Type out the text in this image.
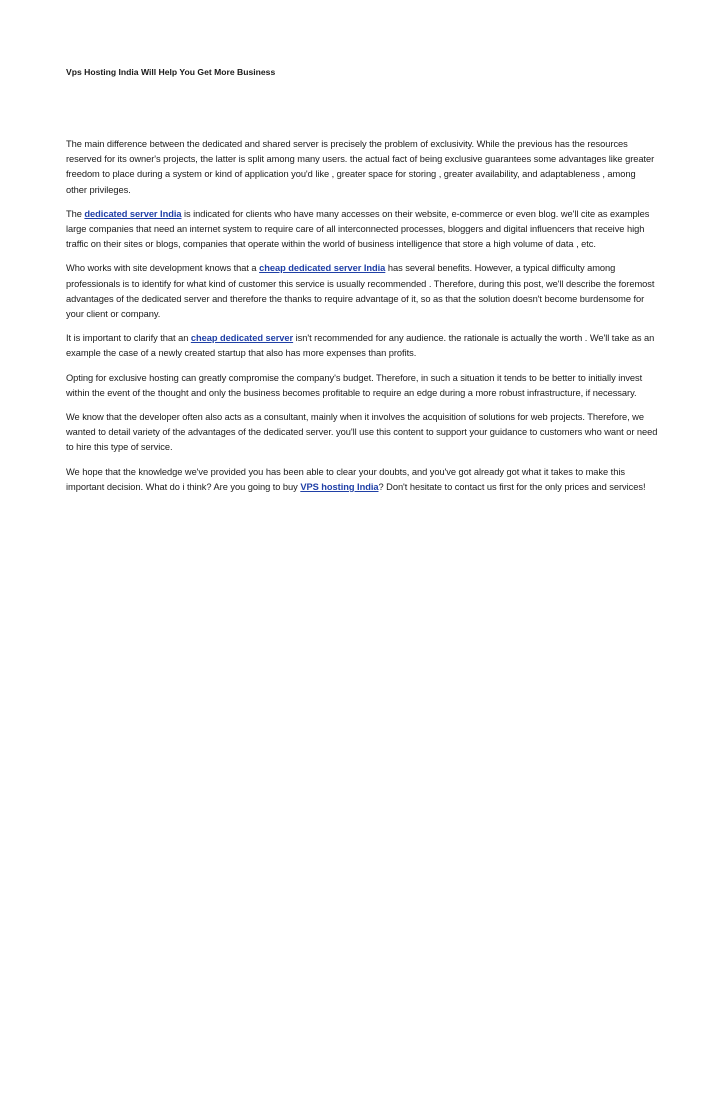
Vps Hosting India Will Help You Get More Business

The main difference between the dedicated and shared server is precisely the problem of exclusivity. While the previous has the resources reserved for its owner's projects, the latter is split among many users. the actual fact of being exclusive guarantees some advantages like greater freedom to place during a system or kind of application you'd like , greater space for storing , greater availability, and adaptableness , among other privileges.

The dedicated server India is indicated for clients who have many accesses on their website, e-commerce or even blog. we'll cite as examples large companies that need an internet system to require care of all interconnected processes, bloggers and digital influencers that receive high traffic on their sites or blogs, companies that operate within the world of business intelligence that store a high volume of data , etc.

Who works with site development knows that a cheap dedicated server India has several benefits. However, a typical difficulty among professionals is to identify for what kind of customer this service is usually recommended . Therefore, during this post, we'll describe the foremost advantages of the dedicated server and therefore the thanks to require advantage of it, so as that the solution doesn't become burdensome for your client or company.

It is important to clarify that an cheap dedicated server isn't recommended for any audience. the rationale is actually the worth . We'll take as an example the case of a newly created startup that also has more expenses than profits.

Opting for exclusive hosting can greatly compromise the company's budget. Therefore, in such a situation it tends to be better to initially invest within the event of the thought and only the business becomes profitable to require an edge during a more robust infrastructure, if necessary.

We know that the developer often also acts as a consultant, mainly when it involves the acquisition of solutions for web projects. Therefore, we wanted to detail variety of the advantages of the dedicated server. you'll use this content to support your guidance to customers who want or need to hire this type of service.

We hope that the knowledge we've provided you has been able to clear your doubts, and you've got already got what it takes to make this important decision. What do i think? Are you going to buy VPS hosting India? Don't hesitate to contact us first for the only prices and services!
